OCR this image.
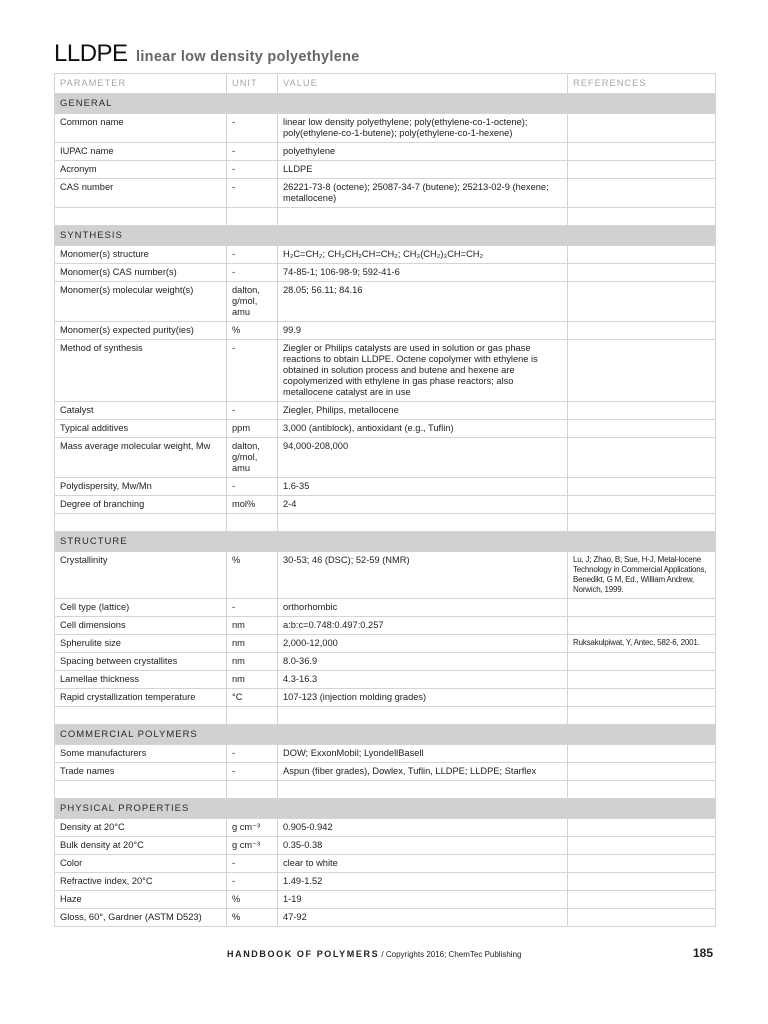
LLDPE linear low density polyethylene
PARAMETER	UNIT	VALUE	REFERENCES
GENERAL			
Common name	-	linear low density polyethylene; poly(ethylene-co-1-octene); poly(ethylene-co-1-butene); poly(ethylene-co-1-hexene)	
IUPAC name	-	polyethylene	
Acronym	-	LLDPE	
CAS number	-	26221-73-8 (octene); 25087-34-7 (butene); 25213-02-9 (hexene; metallocene)	

SYNTHESIS			
Monomer(s) structure	-	H₂C=CH₂; CH₃CH₂CH=CH₂; CH₃(CH₂)₃CH=CH₂	
Monomer(s) CAS number(s)	-	74-85-1; 106-98-9; 592-41-6	
Monomer(s) molecular weight(s)	dalton, g/mol, amu	28.05; 56.11; 84.16	
Monomer(s) expected purity(ies)	%	99.9	
Method of synthesis	-	Ziegler or Philips catalysts are used in solution or gas phase reactions to obtain LLDPE. Octene copolymer with ethylene is obtained in solution process and butene and hexene are copolymerized with ethylene in gas phase reactors; also metallocene catalyst are in use	
Catalyst	-	Ziegler, Philips, metallocene	
Typical additives	ppm	3,000 (antiblock), antioxidant (e.g., Tuflin)	
Mass average molecular weight, Mw	dalton, g/mol, amu	94,000-208,000	
Polydispersity, Mw/Mn	-	1.6-35	
Degree of branching	mol%	2-4	

STRUCTURE			
Crystallinity	%	30-53; 46 (DSC); 52-59 (NMR)	Lu, J; Zhao, B; Sue, H-J, Metal-locene Technology in Commercial Applications, Benedikt, G M, Ed., William Andrew, Norwich, 1999.
Cell type (lattice)	-	orthorhombic	
Cell dimensions	nm	a:b:c=0.748:0.497:0.257	
Spherulite size	nm	2,000-12,000	Ruksakulpiwat, Y, Antec, 582-6, 2001.
Spacing between crystallites	nm	8.0-36.9	
Lamellae thickness	nm	4.3-16.3	
Rapid crystallization temperature	°C	107-123 (injection molding grades)	

COMMERCIAL POLYMERS			
Some manufacturers	-	DOW; ExxonMobil; LyondellBasell	
Trade names	-	Aspun (fiber grades), Dowlex, Tuflin, LLDPE; LLDPE; Starflex	

PHYSICAL PROPERTIES			
Density at 20°C	g cm⁻³	0.905-0.942	
Bulk density at 20°C	g cm⁻³	0.35-0.38	
Color	-	clear to white	
Refractive index, 20°C	-	1.49-1.52	
Haze	%	1-19	
Gloss, 60°, Gardner (ASTM D523)	%	47-92	
HANDBOOK OF POLYMERS / Copyrights 2016; ChemTec Publishing	185
